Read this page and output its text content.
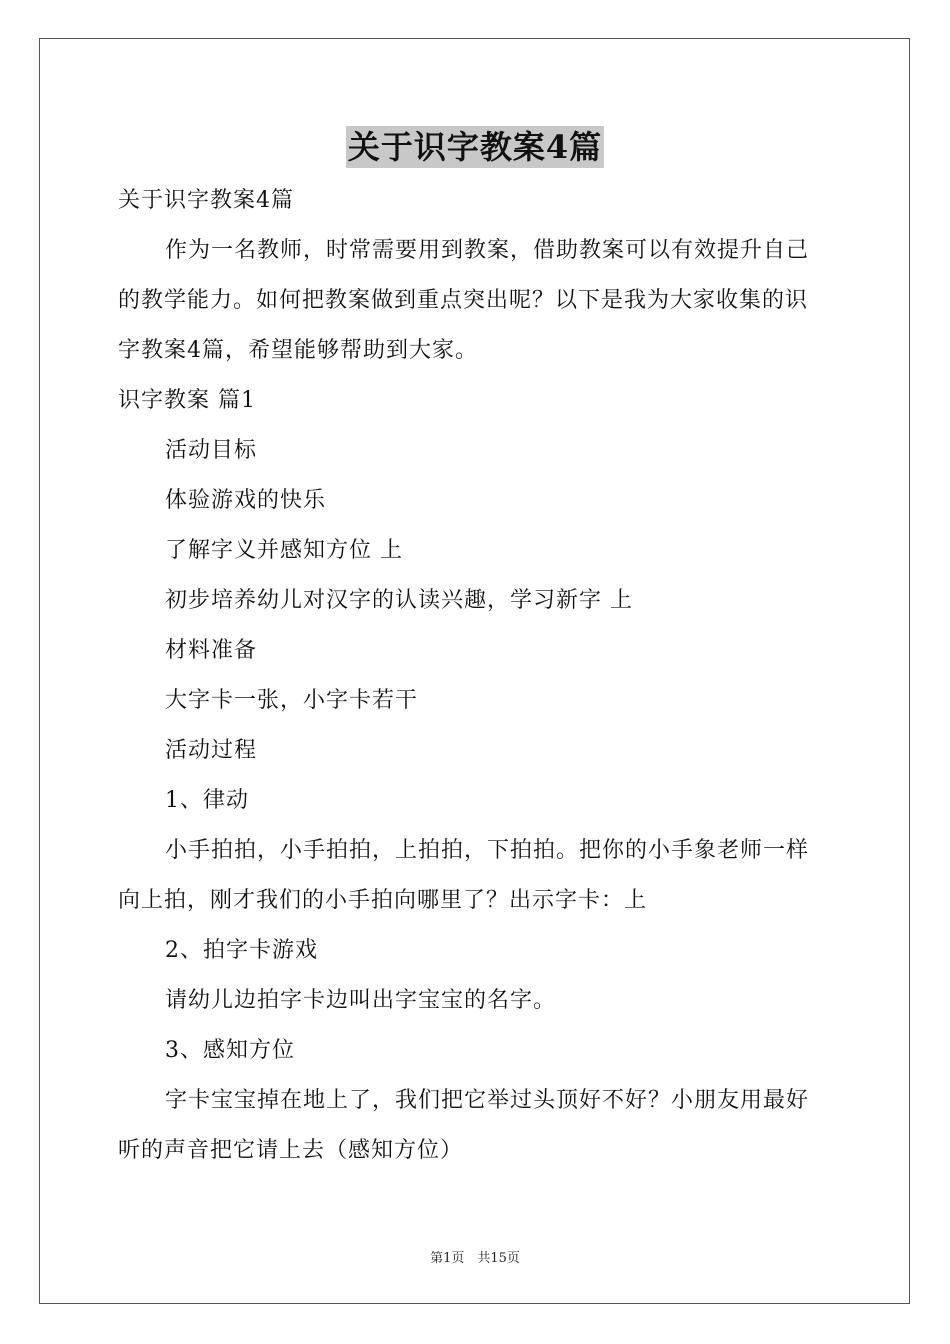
关于识字教案4篇
关于识字教案4篇
作为一名教师，时常需要用到教案，借助教案可以有效提升自己
的教学能力。如何把教案做到重点突出呢？以下是我为大家收集的识
字教案4篇，希望能够帮助到大家。
识字教案 篇1
活动目标
体验游戏的快乐
了解字义并感知方位 上
初步培养幼儿对汉字的认读兴趣，学习新字 上
材料准备
大字卡一张，小字卡若干
活动过程
1、律动
小手拍拍，小手拍拍，上拍拍，下拍拍。把你的小手象老师一样
向上拍，刚才我们的小手拍向哪里了？出示字卡：上
2、拍字卡游戏
请幼儿边拍字卡边叫出字宝宝的名字。
3、感知方位
字卡宝宝掉在地上了，我们把它举过头顶好不好？小朋友用最好
听的声音把它请上去（感知方位）
第1页　共15页
